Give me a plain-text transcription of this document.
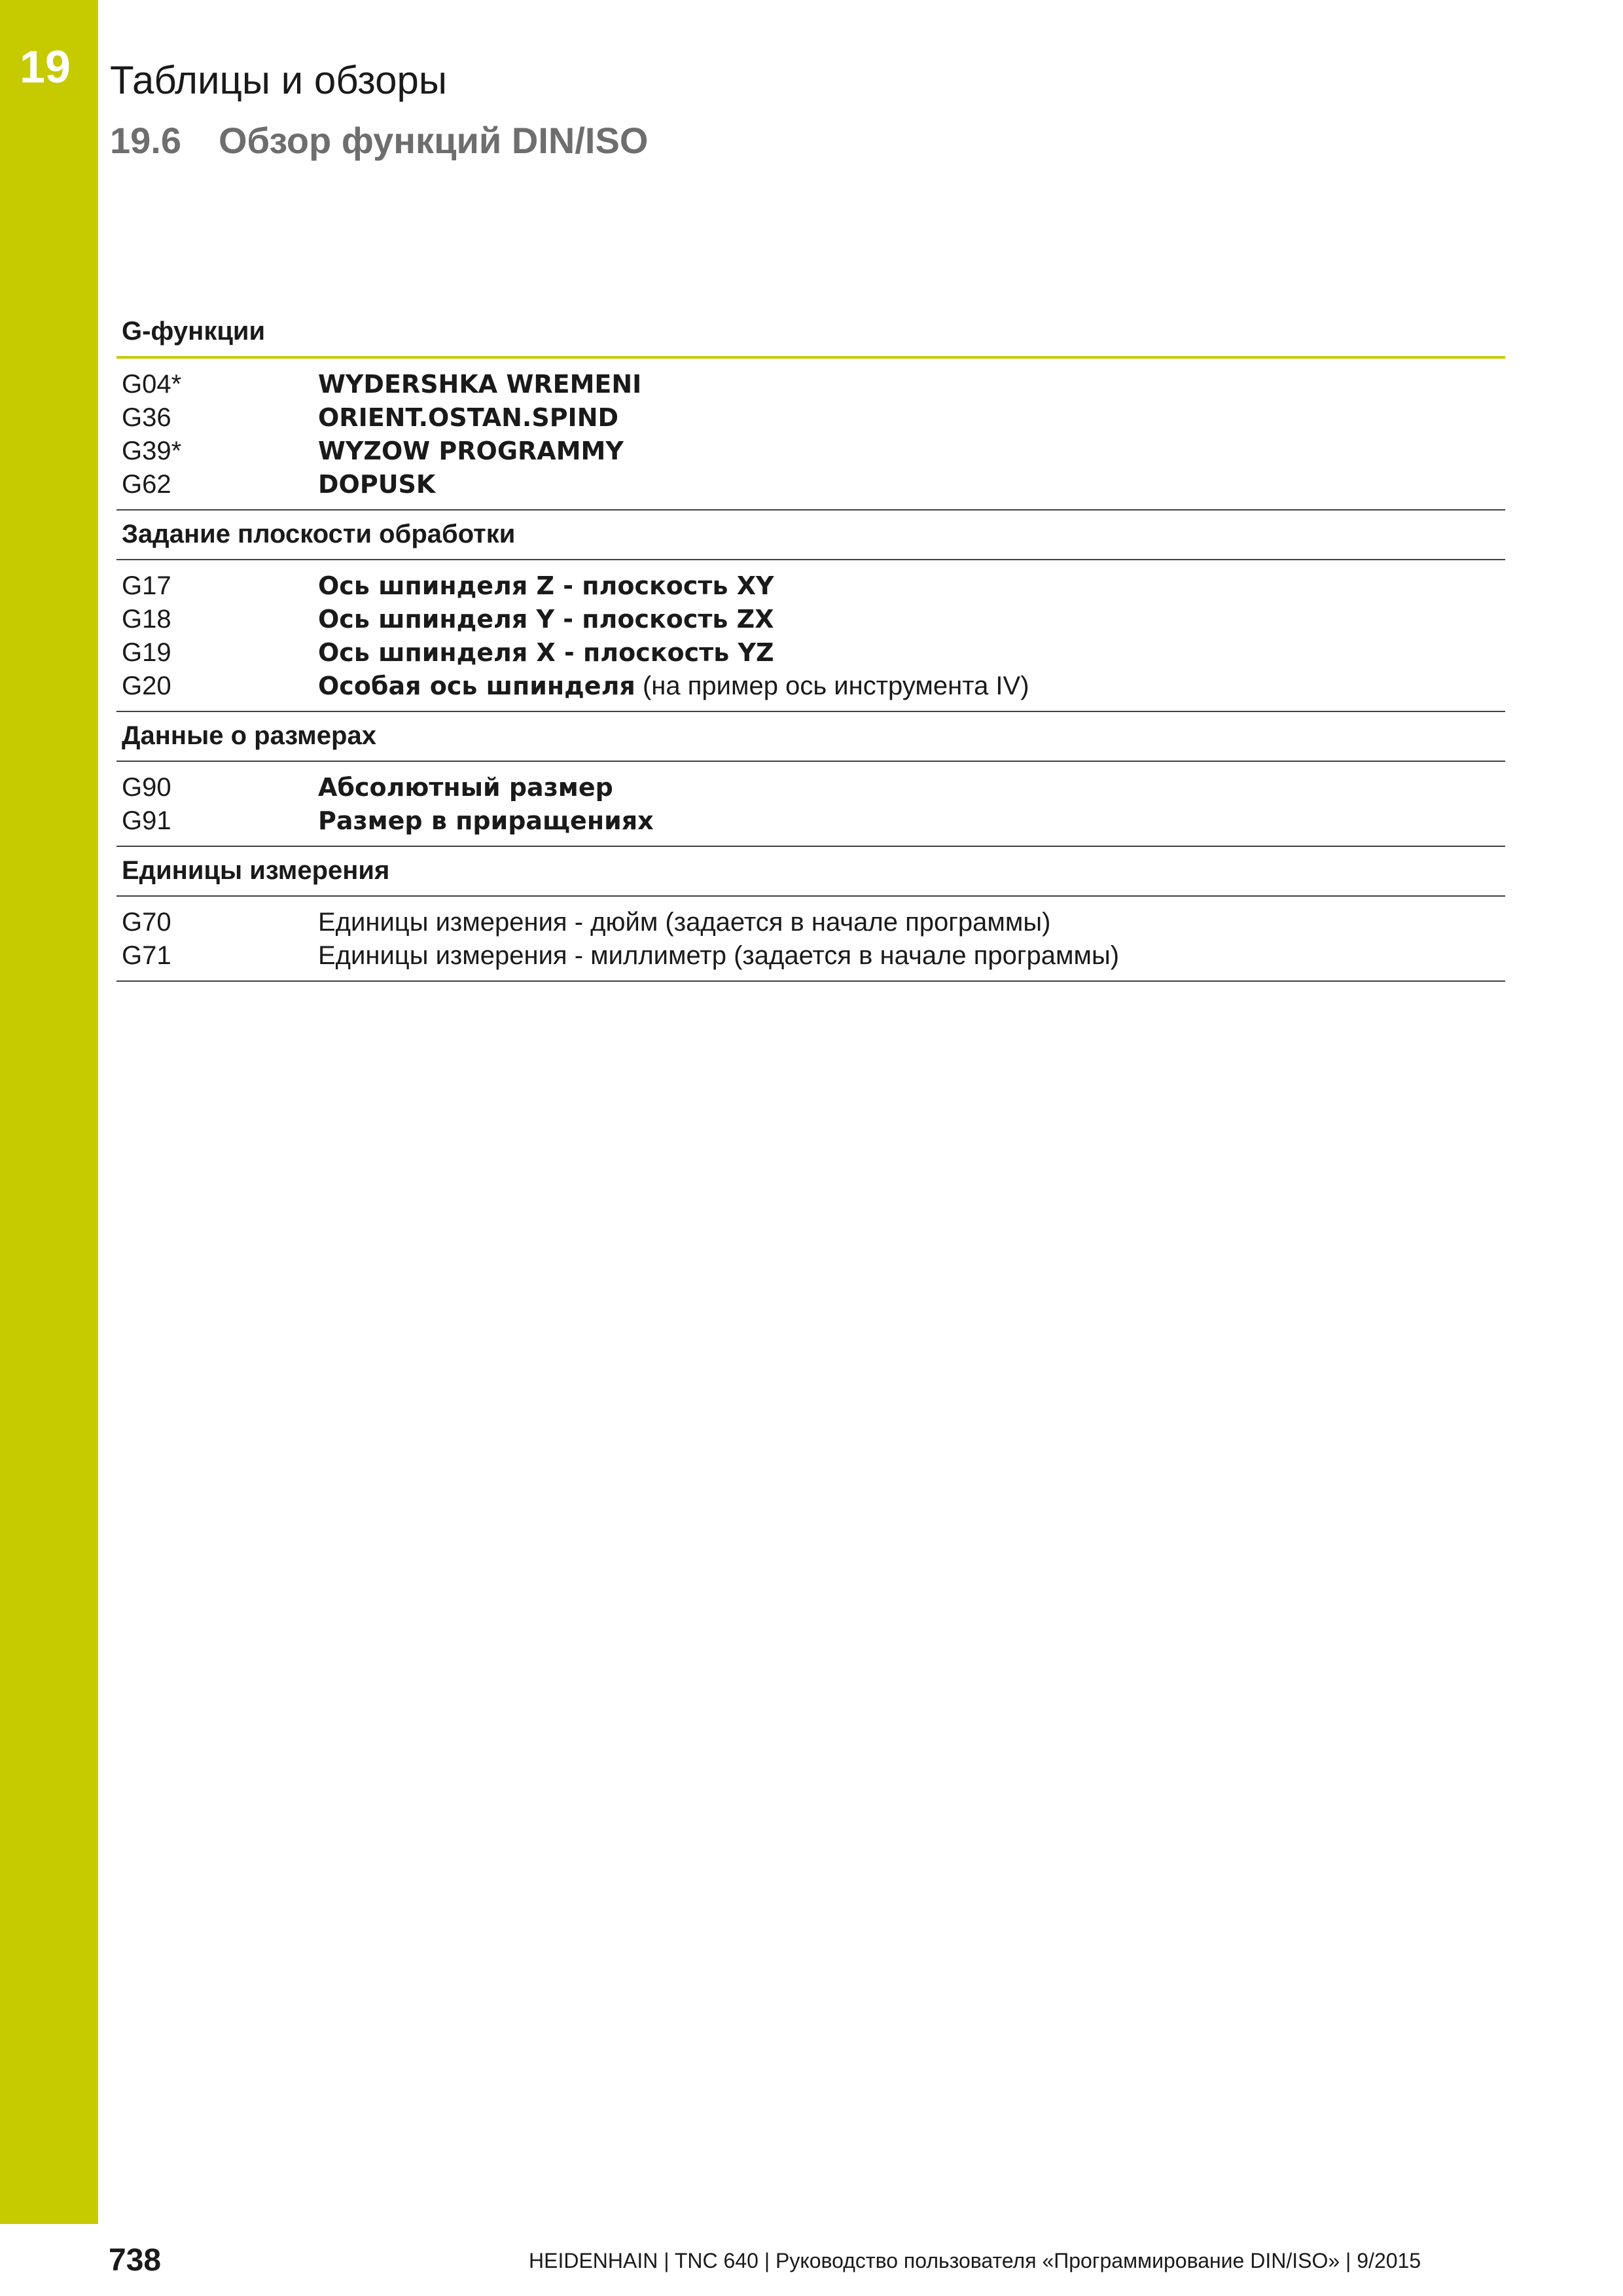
19 Таблицы и обзоры
19.6 Обзор функций DIN/ISO
G-функции
G04*	WYDERSHKA WREMENI
G36	ORIENT.OSTAN.SPIND
G39*	WYZOW PROGRAMMY
G62	DOPUSK
Задание плоскости обработки
G17	Ось шпинделя Z - плоскость XY
G18	Ось шпинделя Y - плоскость ZX
G19	Ось шпинделя X - плоскость YZ
G20	Особая ось шпинделя (на пример ось инструмента IV)
Данные о размерах
G90	Абсолютный размер
G91	Размер в приращениях
Единицы измерения
G70	Единицы измерения - дюйм (задается в начале программы)
G71	Единицы измерения - миллиметр (задается в начале программы)
738	HEIDENHAIN | TNC 640 | Руководство пользователя «Программирование DIN/ISO» | 9/2015
